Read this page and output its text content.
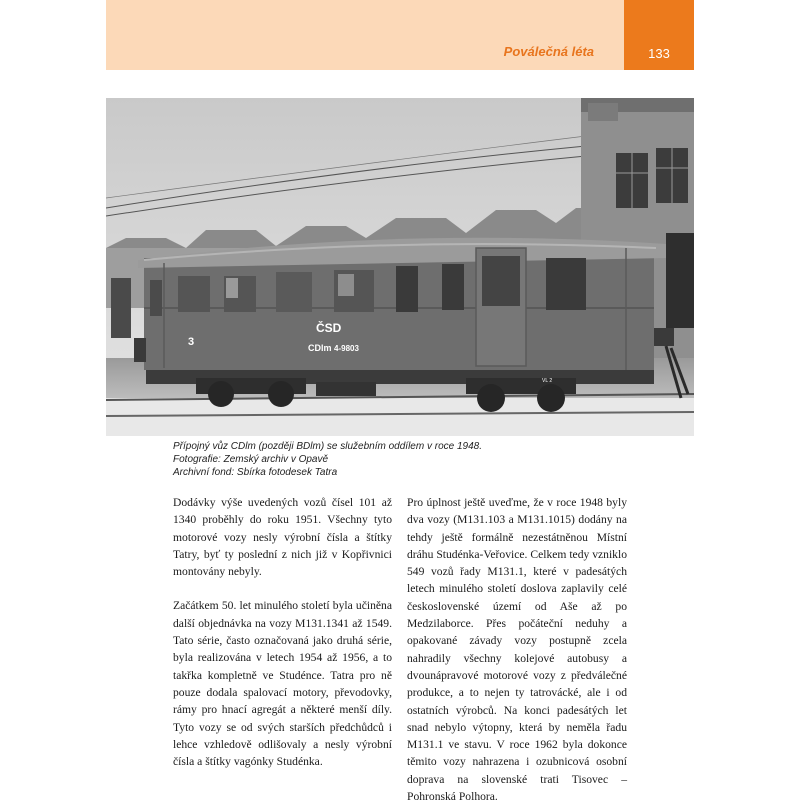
Poválečná léta	133
ČSD
CDlm 4-9803
3
VL 2
Přípojný vůz CDlm (později BDlm) se služebním oddílem v roce 1948.
Fotografie: Zemský archiv v Opavě
Archivní fond: Sbírka fotodesek Tatra

Dodávky výše uvedených vozů čísel 101 až 1340 proběhly do roku 1951. Všechny tyto motorové vozy nesly výrobní čísla a štítky Tatry, byť ty poslední z nich již v Kopřivnici montovány nebyly.

Začátkem 50. let minulého století byla učiněna další objednávka na vozy M131.1341 až 1549. Tato série, často označovaná jako druhá série, byla realizována v letech 1954 až 1956, a to takřka kompletně ve Studénce. Tatra pro ně pouze dodala spalovací motory, převodovky, rámy pro hnací agregát a některé menší díly. Tyto vozy se od svých starších předchůdců i lehce vzhledově odlišovaly a nesly výrobní čísla a štítky vagónky Studénka.

Pro úplnost ještě uveďme, že v roce 1948 byly dva vozy (M131.103 a M131.1015) dodány na tehdy ještě formálně nezestátněnou Místní dráhu Studénka-Veřovice. Celkem tedy vzniklo 549 vozů řady M131.1, které v padesátých letech minulého století doslova zaplavily celé československé území od Aše až po Medzilaborce. Přes počáteční neduhy a opakované závady vozy postupně zcela nahradily všechny kolejové autobusy a dvounápravové motorové vozy z předválečné produkce, a to nejen ty tatrovácké, ale i od ostatních výrobců. Na konci padesátých let snad nebylo výtopny, která by neměla řadu M131.1 ve stavu. V roce 1962 byla dokonce těmito vozy nahrazena i ozubnicová osobní doprava na slovenské trati Tisovec – Pohronská Polhora.
